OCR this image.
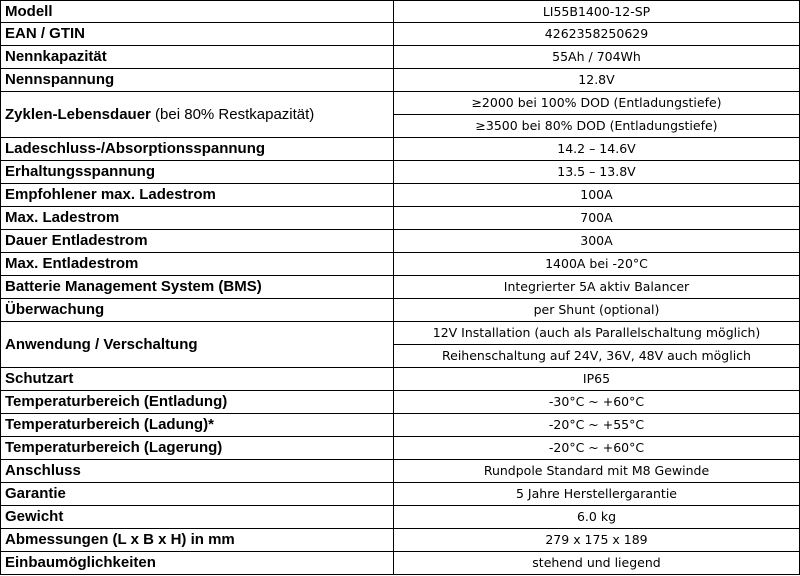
Modell	LI55B1400-12-SP
EAN / GTIN	4262358250629
Nennkapazität	55Ah / 704Wh
Nennspannung	12.8V
Zyklen-Lebensdauer (bei 80% Restkapazität)	≥2000 bei 100% DOD (Entladungstiefe)
	≥3500 bei 80% DOD (Entladungstiefe)
Ladeschluss-/Absorptionsspannung	14.2 – 14.6V
Erhaltungsspannung	13.5 – 13.8V
Empfohlener max. Ladestrom	100A
Max. Ladestrom	700A
Dauer Entladestrom	300A
Max. Entladestrom	1400A bei -20°C
Batterie Management System (BMS)	Integrierter 5A aktiv Balancer
Überwachung	per Shunt (optional)
Anwendung / Verschaltung	12V Installation (auch als Parallelschaltung möglich)
	Reihenschaltung auf 24V, 36V, 48V auch möglich
Schutzart	IP65
Temperaturbereich (Entladung)	-30°C ~ +60°C
Temperaturbereich (Ladung)*	-20°C ~ +55°C
Temperaturbereich (Lagerung)	-20°C ~ +60°C
Anschluss	Rundpole Standard mit M8 Gewinde
Garantie	5 Jahre Herstellergarantie
Gewicht	6.0 kg
Abmessungen (L x B x H) in mm	279 x 175 x 189
Einbaumöglichkeiten	stehend und liegend
